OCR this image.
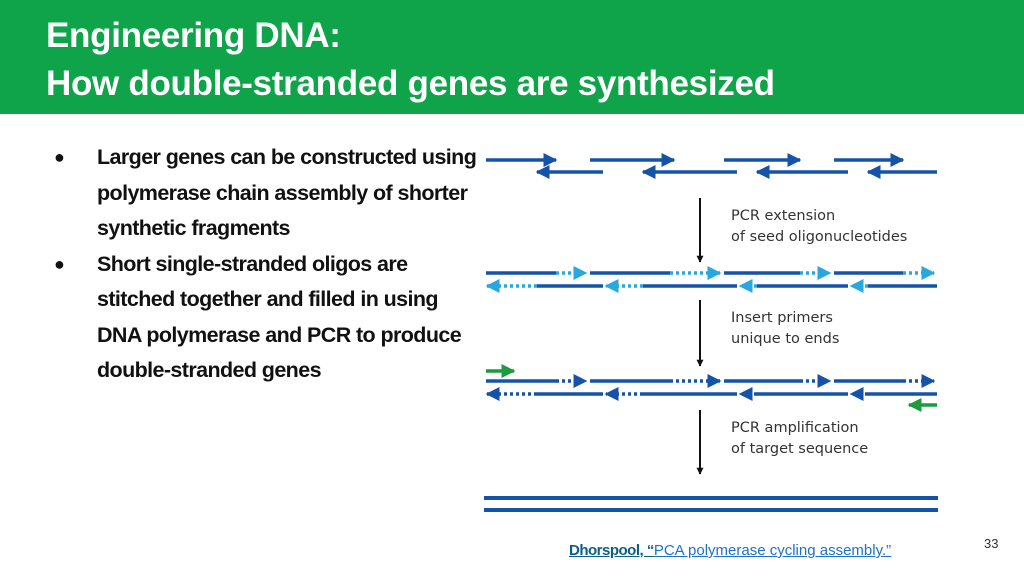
Engineering DNA:
How double-stranded genes are synthesized
● Larger genes can be constructed using polymerase chain assembly of shorter synthetic fragments
● Short single-stranded oligos are stitched together and filled in using DNA polymerase and PCR to produce double-stranded genes
PCR extension
of seed oligonucleotides
Insert primers
unique to ends
PCR amplification
of target sequence
Dhorspool, “PCA polymerase cycling assembly.”	33
